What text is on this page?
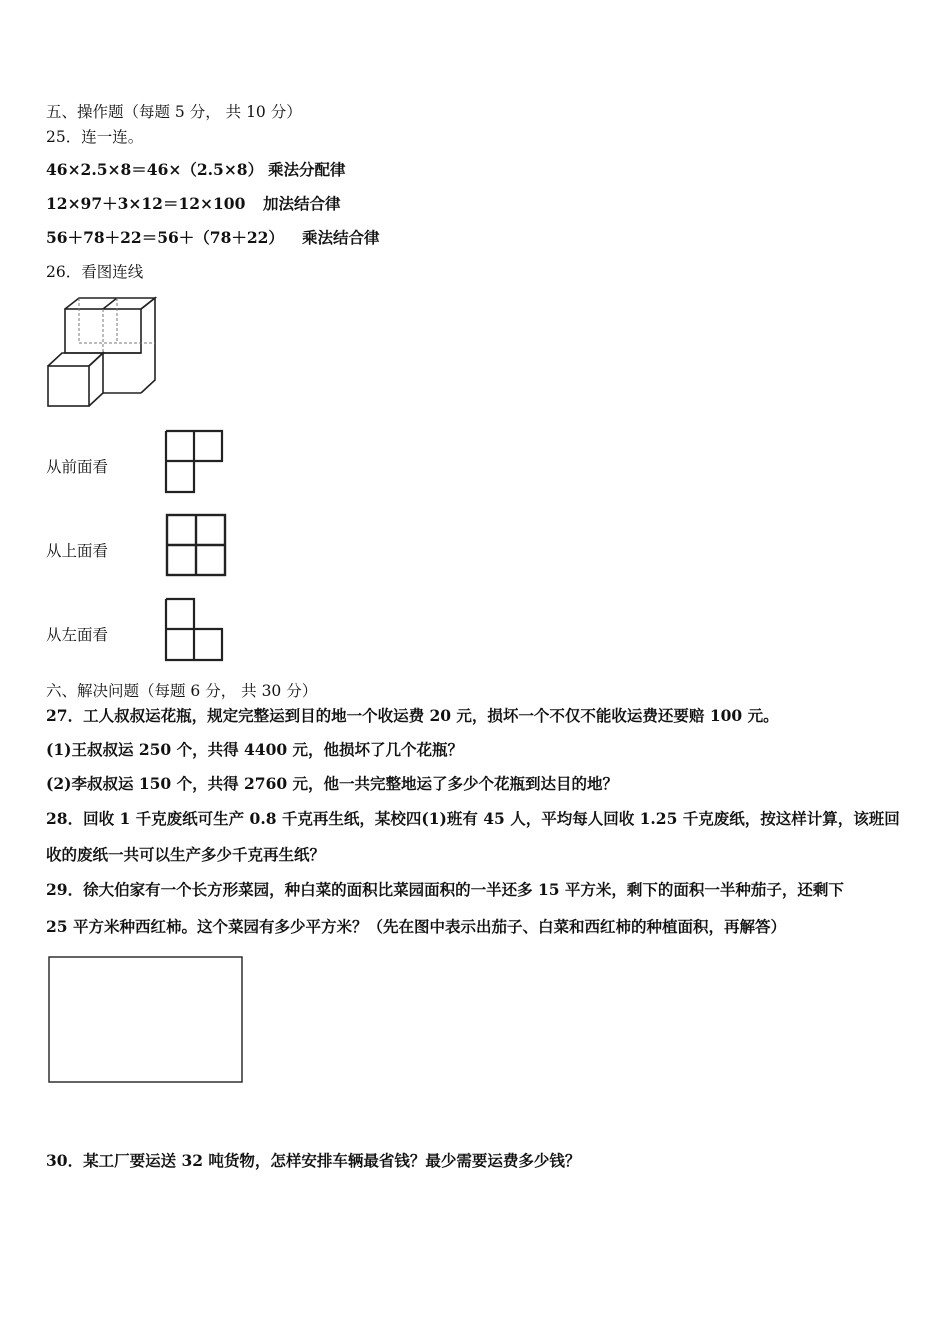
五、操作题（每题 5 分， 共 10 分）
25．连一连。
46×2.5×8＝46×（2.5×8） 乘法分配律
12×97＋3×12＝12×100 加法结合律
56＋78＋22＝56＋（78＋22） 乘法结合律
26．看图连线
从前面看
从上面看
从左面看
六、解决问题（每题 6 分， 共 30 分）
27．工人叔叔运花瓶，规定完整运到目的地一个收运费 20 元，损坏一个不仅不能收运费还要赔 100 元。
(1)王叔叔运 250 个，共得 4400 元，他损坏了几个花瓶？
(2)李叔叔运 150 个，共得 2760 元，他一共完整地运了多少个花瓶到达目的地？
28．回收 1 千克废纸可生产 0.8 千克再生纸，某校四(1)班有 45 人，平均每人回收 1.25 千克废纸，按这样计算，该班回
收的废纸一共可以生产多少千克再生纸？
29．徐大伯家有一个长方形菜园，种白菜的面积比菜园面积的一半还多 15 平方米，剩下的面积一半种茄子，还剩下
25 平方米种西红柿。这个菜园有多少平方米？（先在图中表示出茄子、白菜和西红柿的种植面积，再解答）
30．某工厂要运送 32 吨货物，怎样安排车辆最省钱？最少需要运费多少钱？
